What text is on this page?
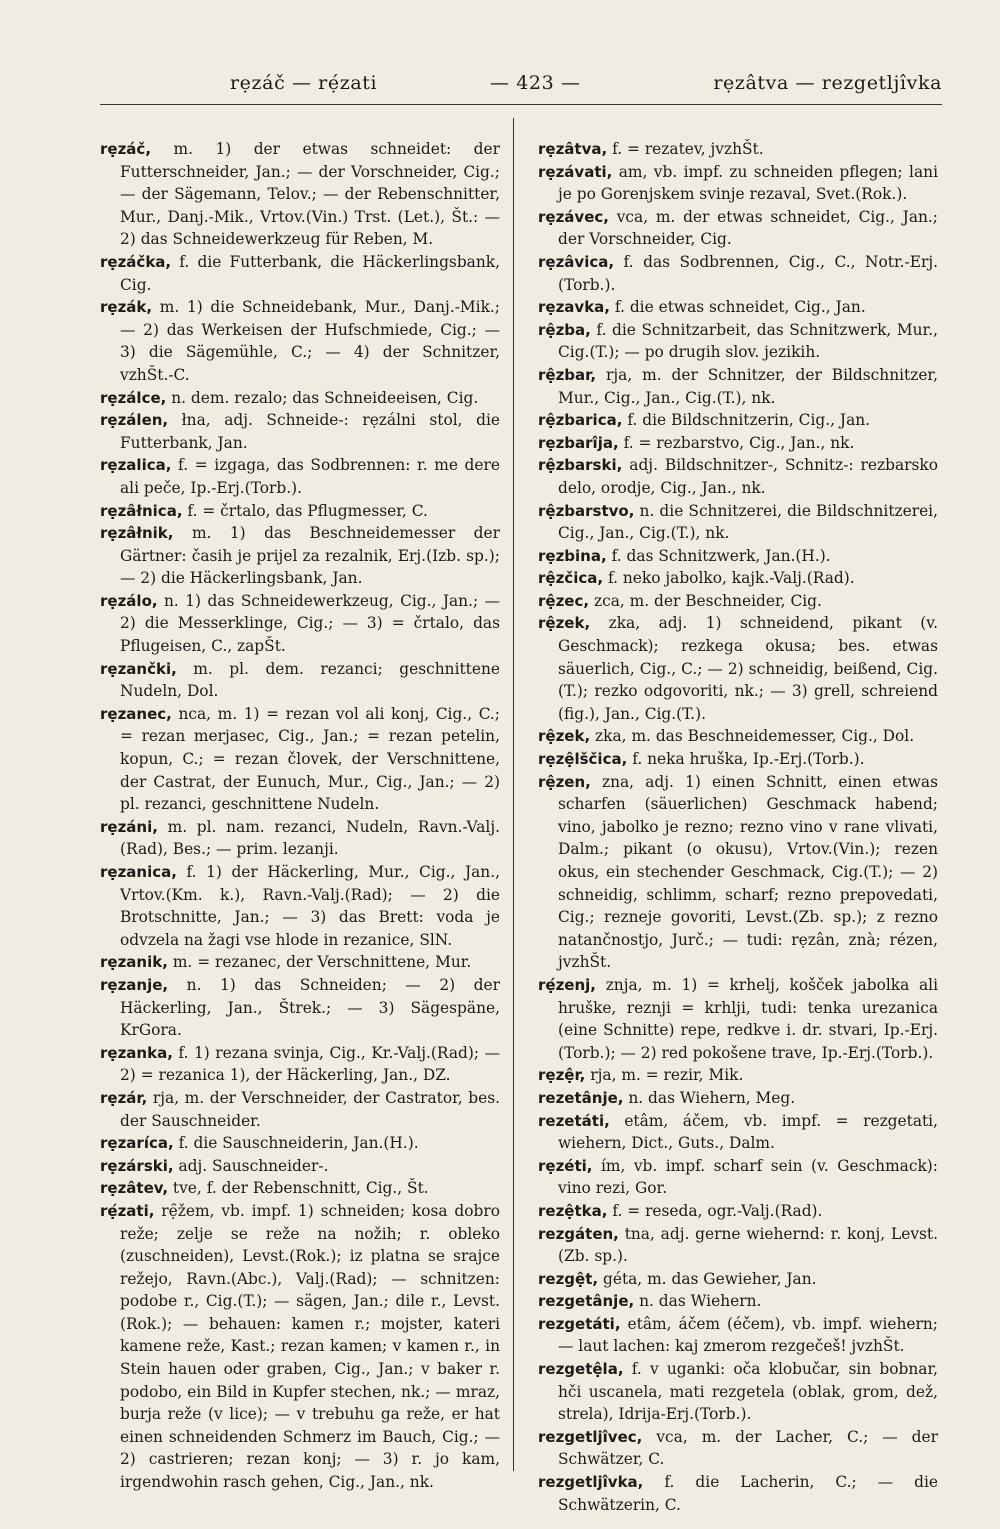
rẹzáč — rẹ́zati	— 423 —	rẹzâtva — rezgetljîvka

rẹzáč, m. 1) der etwas schneidet: der Futterschneider, Jan.; — der Vorschneider, Cig.; — der Sägemann, Telov.; — der Rebenschnitter, Mur., Danj.-Mik., Vrtov.(Vin.) Trst. (Let.), Št.: — 2) das Schneidewerkzeug für Reben, M.

rẹzáčka, f. die Futterbank, die Häckerlingsbank, Cig.

rẹzák, m. 1) die Schneidebank, Mur., Danj.-Mik.; — 2) das Werkeisen der Hufschmiede, Cig.; — 3) die Sägemühle, C.; — 4) der Schnitzer, vzhŠt.-C.

rẹzálce, n. dem. rezalo; das Schneideeisen, Cig.

rẹzálen, łna, adj. Schneide-: rẹzálni stol, die Futterbank, Jan.

rẹzalica, f. = izgaga, das Sodbrennen: r. me dere ali peče, Ip.-Erj.(Torb.).

rẹzâłnica, f. = črtalo, das Pflugmesser, C.

rẹzâłnik, m. 1) das Beschneidemesser der Gärtner: časih je prijel za rezalnik, Erj.(Izb. sp.); — 2) die Häckerlingsbank, Jan.

rẹzálo, n. 1) das Schneidewerkzeug, Cig., Jan.; — 2) die Messerklinge, Cig.; — 3) = črtalo, das Pflugeisen, C., zapŠt.

rẹzančki, m. pl. dem. rezanci; geschnittene Nudeln, Dol.

rẹzanec, nca, m. 1) = rezan vol ali konj, Cig., C.; = rezan merjasec, Cig., Jan.; = rezan petelin, kopun, C.; = rezan človek, der Verschnittene, der Castrat, der Eunuch, Mur., Cig., Jan.; — 2) pl. rezanci, geschnittene Nudeln.

rẹzáni, m. pl. nam. rezanci, Nudeln, Ravn.-Valj.(Rad), Bes.; — prim. lezanji.

rẹzanica, f. 1) der Häckerling, Mur., Cig., Jan., Vrtov.(Km. k.), Ravn.-Valj.(Rad); — 2) die Brotschnitte, Jan.; — 3) das Brett: voda je odvzela na žagi vse hlode in rezanice, SlN.

rẹzanik, m. = rezanec, der Verschnittene, Mur.

rẹzanje, n. 1) das Schneiden; — 2) der Häckerling, Jan., Štrek.; — 3) Sägespäne, KrGora.

rẹzanka, f. 1) rezana svinja, Cig., Kr.-Valj.(Rad); — 2) = rezanica 1), der Häckerling, Jan., DZ.

rẹzár, rja, m. der Verschneider, der Castrator, bes. der Sauschneider.

rẹzaríca, f. die Sauschneiderin, Jan.(H.).

rẹzárski, adj. Sauschneider-.

rẹzâtev, tve, f. der Rebenschnitt, Cig., Št.

rẹ́zati, rẹ̑žem, vb. impf. 1) schneiden; kosa dobro reže; zelje se reže na nožih; r. obleko (zuschneiden), Levst.(Rok.); iz platna se srajce režejo, Ravn.(Abc.), Valj.(Rad); — schnitzen: podobe r., Cig.(T.); — sägen, Jan.; dile r., Levst.(Rok.); — behauen: kamen r.; mojster, kateri kamene reže, Kast.; rezan kamen; v kamen r., in Stein hauen oder graben, Cig., Jan.; v baker r. podobo, ein Bild in Kupfer stechen, nk.; — mraz, burja reže (v lice); — v trebuhu ga reže, er hat einen schneidenden Schmerz im Bauch, Cig.; — 2) castrieren; rezan konj; — 3) r. jo kam, irgendwohin rasch gehen, Cig., Jan., nk.

rẹzâtva, f. = rezatev, jvzhŠt.

rẹzávati, am, vb. impf. zu schneiden pflegen; lani je po Gorenjskem svinje rezaval, Svet.(Rok.).

rẹzávec, vca, m. der etwas schneidet, Cig., Jan.; der Vorschneider, Cig.

rẹzâvica, f. das Sodbrennen, Cig., C., Notr.-Erj.(Torb.).

rẹzavka, f. die etwas schneidet, Cig., Jan.

rệzba, f. die Schnitzarbeit, das Schnitzwerk, Mur., Cig.(T.); — po drugih slov. jezikih.

rệzbar, rja, m. der Schnitzer, der Bildschnitzer, Mur., Cig., Jan., Cig.(T.), nk.

rệzbarica, f. die Bildschnitzerin, Cig., Jan.

rẹzbarîja, f. = rezbarstvo, Cig., Jan., nk.

rệzbarski, adj. Bildschnitzer-, Schnitz-: rezbarsko delo, orodje, Cig., Jan., nk.

rệzbarstvo, n. die Schnitzerei, die Bildschnitzerei, Cig., Jan., Cig.(T.), nk.

rẹzbina, f. das Schnitzwerk, Jan.(H.).

rệzčica, f. neko jabolko, kajk.-Valj.(Rad).

rệzec, zca, m. der Beschneider, Cig.

rệzek, zka, adj. 1) schneidend, pikant (v. Geschmack); rezkega okusa; bes. etwas säuerlich, Cig., C.; — 2) schneidig, beißend, Cig.(T.); rezko odgovoriti, nk.; — 3) grell, schreiend (fig.), Jan., Cig.(T.).

rệzek, zka, m. das Beschneidemesser, Cig., Dol.

rẹzệlščica, f. neka hruška, Ip.-Erj.(Torb.).

rệzen, zna, adj. 1) einen Schnitt, einen etwas scharfen (säuerlichen) Geschmack habend; vino, jabolko je rezno; rezno vino v rane vlivati, Dalm.; pikant (o okusu), Vrtov.(Vin.); rezen okus, ein stechender Geschmack, Cig.(T.); — 2) schneidig, schlimm, scharf; rezno prepovedati, Cig.; rezneje govoriti, Levst.(Zb. sp.); z rezno natančnostjo, Jurč.; — tudi: rẹzân, znà; rézen, jvzhŠt.

rẹ́zenj, znja, m. 1) = krhelj, košček jabolka ali hruške, reznji = krhlji, tudi: tenka urezanica (eine Schnitte) repe, redkve i. dr. stvari, Ip.-Erj.(Torb.); — 2) red pokošene trave, Ip.-Erj.(Torb.).

rẹzệr, rja, m. = rezir, Mik.

rezetânje, n. das Wiehern, Meg.

rezetáti, etâm, áčem, vb. impf. = rezgetati, wiehern, Dict., Guts., Dalm.

rẹzéti, ím, vb. impf. scharf sein (v. Geschmack): vino rezi, Gor.

rezệtka, f. = reseda, ogr.-Valj.(Rad).

rezgáten, tna, adj. gerne wiehernd: r. konj, Levst.(Zb. sp.).

rezgệt, géta, m. das Gewieher, Jan.

rezgetânje, n. das Wiehern.

rezgetáti, etâm, áčem (éčem), vb. impf. wiehern; — laut lachen: kaj zmerom rezgečeš! jvzhŠt.

rezgetệla, f. v uganki: oča klobučar, sin bobnar, hči uscanela, mati rezgetela (oblak, grom, dež, strela), Idrija-Erj.(Torb.).

rezgetljîvec, vca, m. der Lacher, C.; — der Schwätzer, C.

rezgetljîvka, f. die Lacherin, C.; — die Schwätzerin, C.
